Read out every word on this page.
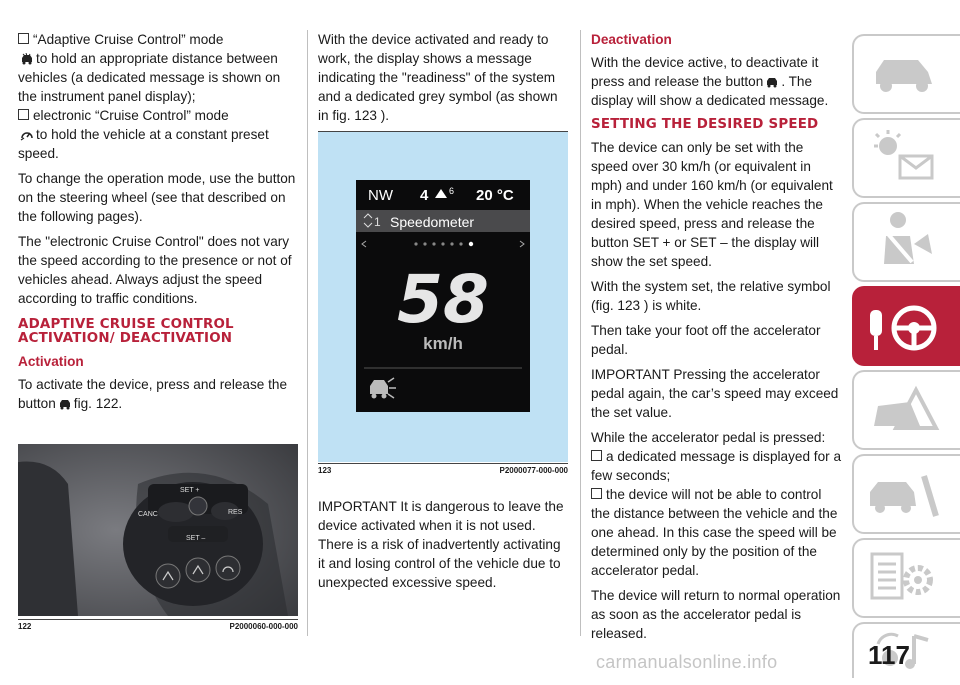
“Adaptive Cruise Control” mode
to hold an appropriate distance between vehicles (a dedicated message is shown on the instrument panel display);
electronic “Cruise Control” mode
to hold the vehicle at a constant preset speed.

To change the operation mode, use the button on the steering wheel (see that described on the following pages).

The "electronic Cruise Control" does not vary the speed according to the presence or not of vehicles ahead. Always adjust the speed according to traffic conditions.

ADAPTIVE CRUISE CONTROL ACTIVATION/ DEACTIVATION
Activation

To activate the device, press and release the button fig. 122.

SET +
CANC	RES
SET –
122	P2000060-000-000

With the device activated and ready to work, the display shows a message indicating the "readiness" of the system and a dedicated grey symbol (as shown in fig. 123 ).

NW 4 6 20 °C
1 Speedometer
58
km/h
123	P2000077-000-000

IMPORTANT It is dangerous to leave the device activated when it is not used. There is a risk of inadvertently activating it and losing control of the vehicle due to unexpected excessive speed.

Deactivation

With the device active, to deactivate it press and release the button . The display will show a dedicated message.

SETTING THE DESIRED SPEED

The device can only be set with the speed over 30 km/h (or equivalent in mph) and under 160 km/h (or equivalent in mph). When the vehicle reaches the desired speed, press and release the button SET + or SET – the display will show the set speed.

With the system set, the relative symbol (fig. 123 ) is white.

Then take your foot off the accelerator pedal.

IMPORTANT Pressing the accelerator pedal again, the car’s speed may exceed the set value.

While the accelerator pedal is pressed:

a dedicated message is displayed for a few seconds;
the device will not be able to control the distance between the vehicle and the one ahead. In this case the speed will be determined only by the position of the accelerator pedal.

The device will return to normal operation as soon as the accelerator pedal is released.

117
carmanualsonline.info
